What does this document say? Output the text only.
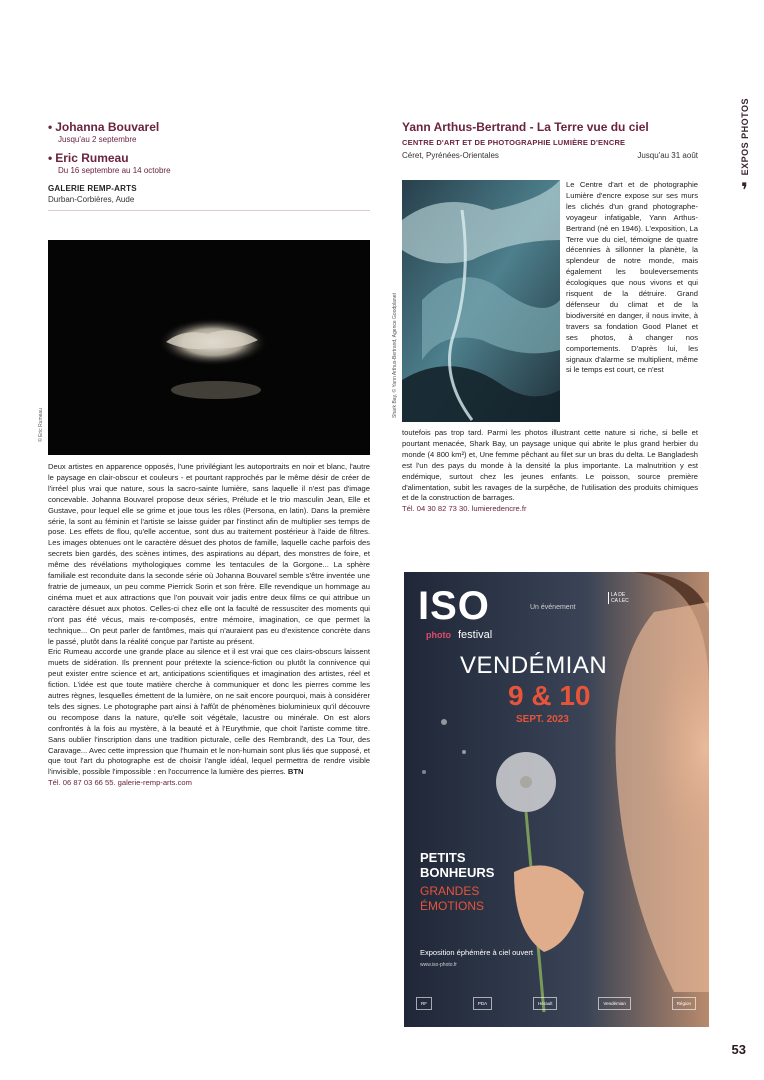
EXPOS PHOTOS
❜
• Johanna Bouvarel
Jusqu'au 2 septembre
• Eric Rumeau
Du 16 septembre au 14 octobre
GALERIE REMP-ARTS
Durban-Corbières, Aude
© Eric Rumeau

Deux artistes en apparence opposés, l'une privilégiant les autoportraits en noir et blanc, l'autre le paysage en clair-obscur et couleurs - et pourtant rapprochés par le même désir de créer de l'irréel plus vrai que nature, sous la sacro-sainte lumière, sans laquelle il n'est pas d'image concevable. Johanna Bouvarel propose deux séries, Prélude et le trio masculin Jean, Elle et Gustave, pour lequel elle se grime et joue tous les rôles (Persona, en latin). Dans la première série, la sont au féminin et l'artiste se laisse guider par l'instinct afin de multiplier ses temps de pose. Les effets de flou, qu'elle accentue, sont dus au traitement postérieur à l'aide de filtres. Les images obtenues ont le caractère désuet des photos de famille, laquelle cache parfois des secrets bien gardés, des scènes intimes, des aspirations au départ, des monstres de foire, et même des révélations mythologiques comme les tentacules de la Gorgone... La sphère familiale est reconduite dans la seconde série où Johanna Bouvarel semble s'être inventée une fratrie de jumeaux, un peu comme Pierrick Sorin et son frère. Elle revendique un hommage au cinéma muet et aux attractions que l'on pouvait voir jadis entre deux films ce qui attribue un caractère désuet aux photos. Celles-ci chez elle ont la faculté de ressusciter des moments qui n'ont pas été vécus, mais re-composés, entre mémoire, imagination, ce que permet la technique... On peut parler de fantômes, mais qui n'auraient pas eu d'existence concrète dans le passé, plutôt dans la réalité conçue par l'artiste au présent.

Eric Rumeau accorde une grande place au silence et il est vrai que ces clairs-obscurs laissent muets de sidération. Ils prennent pour prétexte la science-fiction ou plutôt la connivence qui peut exister entre science et art, anticipations scientifiques et imagination des artistes, réel et fiction. L'idée est que toute matière cherche à communiquer et donc les pierres comme les autres règnes, lesquelles émettent de la lumière, on ne sait encore pourquoi, mais à considérer tels des signes. Le photographe part ainsi à l'affût de phénomènes bioluminieux qu'il découvre ou recompose dans la nature, qu'elle soit végétale, lacustre ou minérale. On est alors confrontés à la fois au mystère, à la beauté et à l'Eurythmie, que choit l'artiste comme titre. Sans oublier l'inscription dans une tradition picturale, celle des Rembrandt, des La Tour, des Caravage... Avec cette impression que l'humain et le non-humain sont plus liés que supposé, et que tout l'art du photographe est de choisir l'angle idéal, lequel permettra de rendre visible l'invisible, possible l'impossible : en l'occurrence la lumière des pierres. BTN

Tél. 06 87 03 66 55. galerie-remp-arts.com

Yann Arthus-Bertrand - La Terre vue du ciel
CENTRE D'ART ET DE PHOTOGRAPHIE LUMIÈRE D'ENCRE
Céret, Pyrénées-Orientales	Jusqu'au 31 août
Shark Bay, © Yann Arthus-Bertrand, Agence Goodplanet

Le Centre d'art et de photographie Lumière d'encre expose sur ses murs les clichés d'un grand photographe-voyageur infatigable, Yann Arthus-Bertrand (né en 1946). L'exposition, La Terre vue du ciel, témoigne de quatre décennies à sillonner la planète, la splendeur de notre monde, mais également les bouleversements écologiques que nous vivons et qui risquent de la détruire. Grand défenseur du climat et de la biodiversité en danger, il nous invite, à travers sa fondation Good Planet et ses photos, à changer nos comportements. D'après lui, les signaux d'alarme se multiplient, même si le temps est court, ce n'est

toutefois pas trop tard. Parmi les photos illustrant cette nature si riche, si belle et pourtant menacée, Shark Bay, un paysage unique qui abrite le plus grand herbier du monde (4 800 km²) et, Une femme pêchant au filet sur un bras du delta. Le Bangladesh est l'un des pays du monde à la densité la plus importante. La malnutrition y est endémique, surtout chez les jeunes enfants. Le poisson, source première d'alimentation, subit les ravages de la surpêche, de l'utilisation des produits chimiques et de la construction de barrages.

Tél. 04 30 82 73 30. lumieredencre.fr

ISO
photo festival
Un événement
LA DE CA LEC
VENDÉMIAN
9 & 10
SEPT. 2023
PETITS
BONHEURS
GRANDES
ÉMOTIONS
Exposition éphémère à ciel ouvert
www.iso-photo.fr
RF	PDA	Hérault	Vendémian	Région
53
